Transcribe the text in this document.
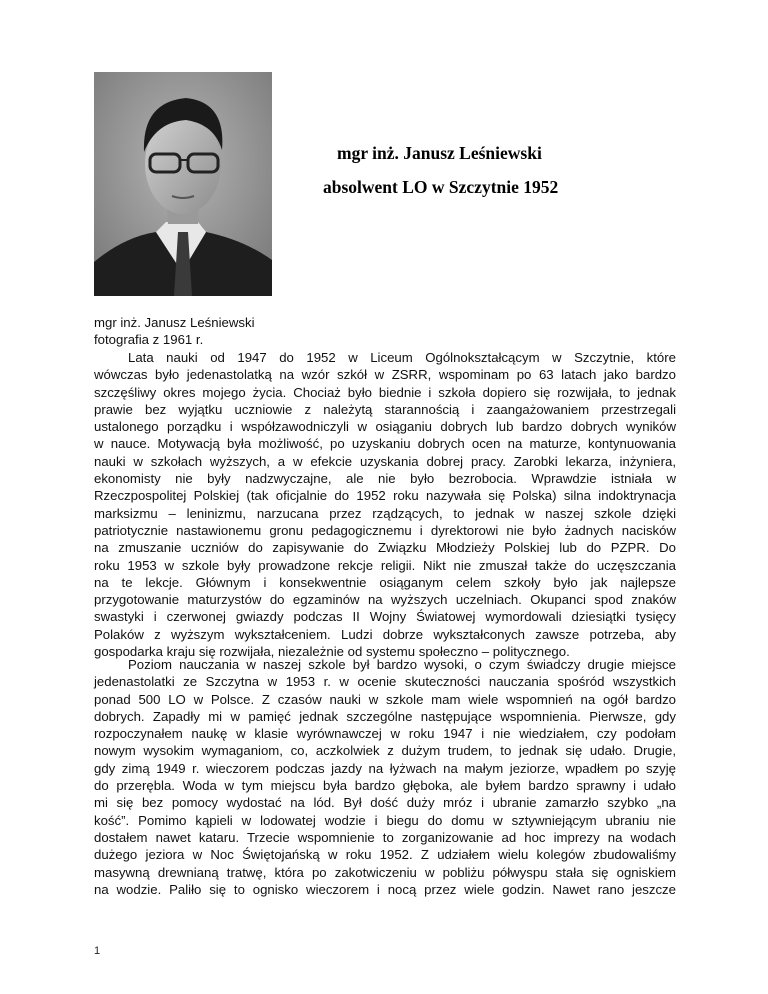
mgr inż. Janusz Leśniewski
absolwent LO w Szczytnie 1952
mgr inż. Janusz Leśniewski
fotografia z 1961 r.

Lata nauki od 1947 do 1952 w Liceum Ogólnokształcącym w Szczytnie, które
wówczas było jedenastolatką na wzór szkół w ZSRR, wspominam po 63 latach jako bardzo
szczęśliwy okres mojego życia. Chociaż było biednie i szkoła dopiero się rozwijała, to jednak
prawie bez wyjątku uczniowie z należytą starannością i zaangażowaniem przestrzegali
ustalonego porządku i współzawodniczyli w osiąganiu dobrych lub bardzo dobrych wyników
w nauce. Motywacją była możliwość, po uzyskaniu dobrych ocen na maturze, kontynuowania
nauki w szkołach wyższych, a w efekcie uzyskania dobrej pracy. Zarobki lekarza, inżyniera,
ekonomisty nie były nadzwyczajne, ale nie było bezrobocia. Wprawdzie istniała w
Rzeczpospolitej Polskiej (tak oficjalnie do 1952 roku nazywała się Polska) silna indoktrynacja
marksizmu – leninizmu, narzucana przez rządzących, to jednak w naszej szkole dzięki
patriotycznie nastawionemu gronu pedagogicznemu i dyrektorowi nie było żadnych nacisków
na zmuszanie uczniów do zapisywanie do Związku Młodzieży Polskiej lub do PZPR. Do
roku 1953 w szkole były prowadzone rekcje religii. Nikt nie zmuszał także do uczęszczania
na te lekcje. Głównym i konsekwentnie osiąganym celem szkoły było jak najlepsze
przygotowanie maturzystów do egzaminów na wyższych uczelniach. Okupanci spod znaków
swastyki i czerwonej gwiazdy podczas II Wojny Światowej wymordowali dziesiątki tysięcy
Polaków z wyższym wykształceniem. Ludzi dobrze wykształconych zawsze potrzeba, aby
gospodarka kraju się rozwijała, niezależnie od systemu społeczno – politycznego.

Poziom nauczania w naszej szkole był bardzo wysoki, o czym świadczy drugie miejsce
jedenastolatki ze Szczytna w 1953 r. w ocenie skuteczności nauczania spośród wszystkich
ponad 500 LO w Polsce. Z czasów nauki w szkole mam wiele wspomnień na ogół bardzo
dobrych. Zapadły mi w pamięć jednak szczególne następujące wspomnienia. Pierwsze, gdy
rozpoczynałem naukę w klasie wyrównawczej w roku 1947 i nie wiedziałem, czy podołam
nowym wysokim wymaganiom, co, aczkolwiek z dużym trudem, to jednak się udało. Drugie,
gdy zimą 1949 r. wieczorem podczas jazdy na łyżwach na małym jeziorze, wpadłem po szyję
do przerębla. Woda w tym miejscu była bardzo głęboka, ale byłem bardzo sprawny i udało
mi się bez pomocy wydostać na lód. Był dość duży mróz i ubranie zamarzło szybko „na
kość”. Pomimo kąpieli w lodowatej wodzie i biegu do domu w sztywniejącym ubraniu nie
dostałem nawet kataru. Trzecie wspomnienie to zorganizowanie ad hoc imprezy na wodach
dużego jeziora w Noc Świętojańską w roku 1952. Z udziałem wielu kolegów zbudowaliśmy
masywną drewnianą tratwę, która po zakotwiczeniu w pobliżu półwyspu stała się ogniskiem
na wodzie. Paliło się to ognisko wieczorem i nocą przez wiele godzin. Nawet rano jeszcze

1
